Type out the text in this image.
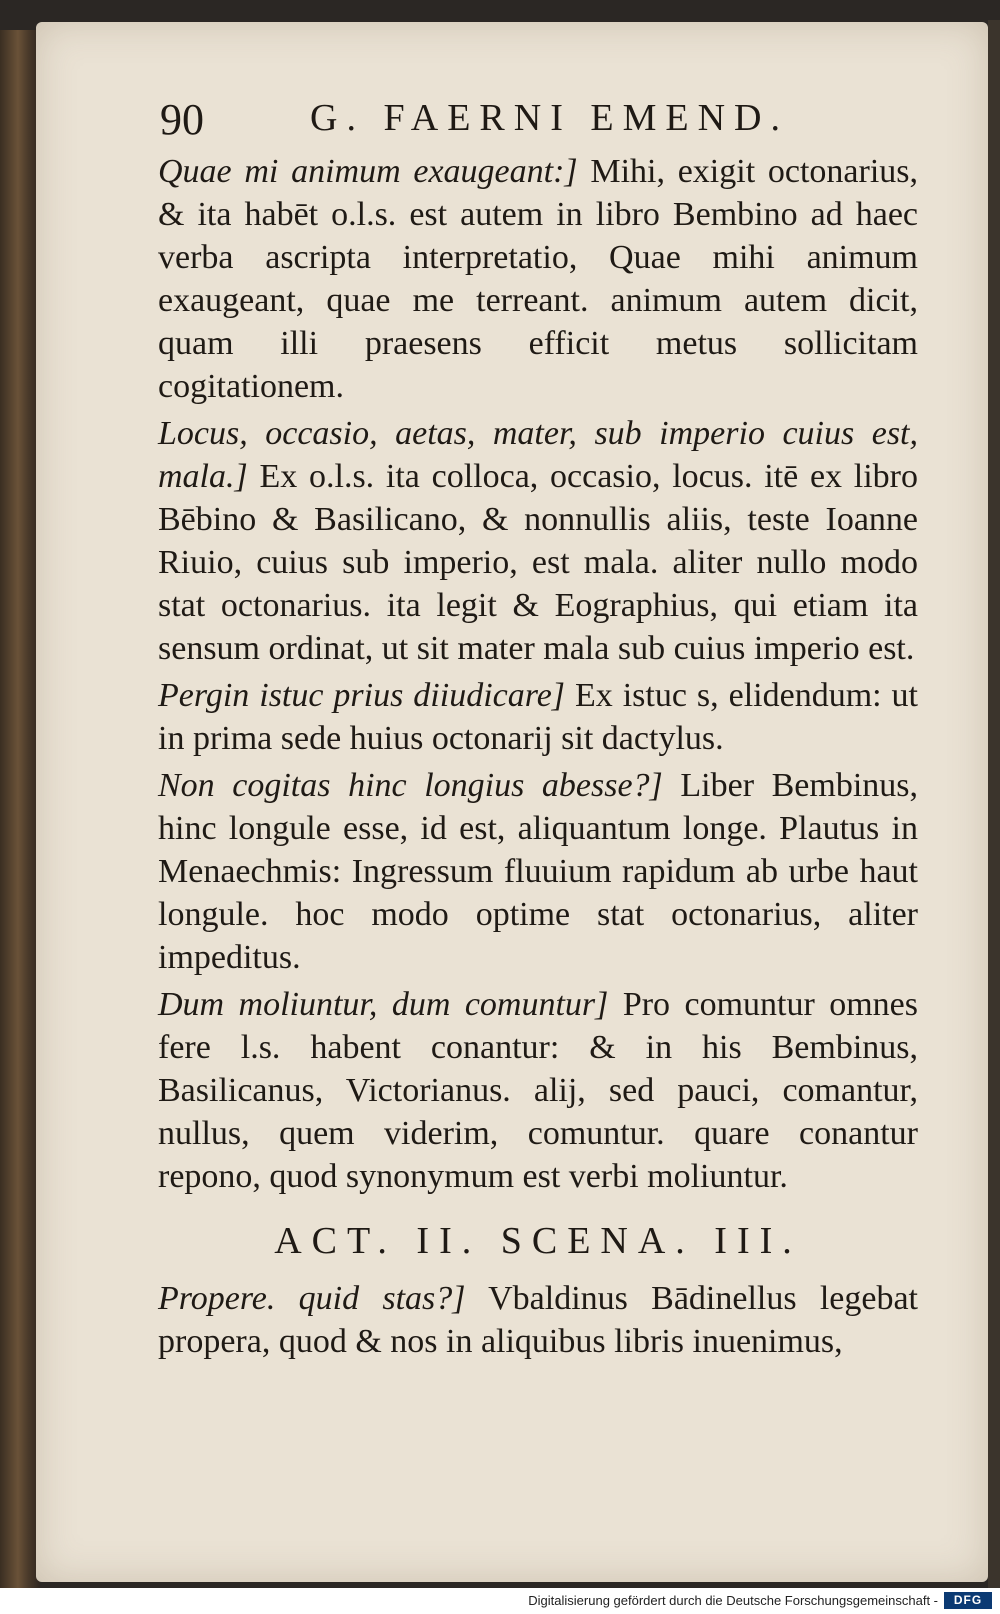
90	G. FAERNI EMEND.

Quae mi animum exaugeant:] Mihi, exigit octonarius, & ita habēt o.l.s. est autem in libro Bembino ad haec verba ascripta interpretatio, Quae mihi animum exaugeant, quae me terreant. animum autem dicit, quam illi praesens efficit metus sollicitam cogitationem.

Locus, occasio, aetas, mater, sub imperio cuius est, mala.] Ex o.l.s. ita colloca, occasio, locus. itē ex libro Bēbino & Basilicano, & nonnullis aliis, teste Ioanne Riuio, cuius sub imperio, est mala. aliter nullo modo stat octonarius. ita legit & Eographius, qui etiam ita sensum ordinat, ut sit mater mala sub cuius imperio est.

Pergin istuc prius diiudicare] Ex istuc s, elidendum: ut in prima sede huius octonarij sit dactylus.

Non cogitas hinc longius abesse?] Liber Bembinus, hinc longule esse, id est, aliquantum longe. Plautus in Menaechmis: Ingressum fluuium rapidum ab urbe haut longule. hoc modo optime stat octonarius, aliter impeditus.

Dum moliuntur, dum comuntur] Pro comuntur omnes fere l.s. habent conantur: & in his Bembinus, Basilicanus, Victorianus. alij, sed pauci, comantur, nullus, quem viderim, comuntur. quare conantur repono, quod synonymum est verbi moliuntur.

ACT. II. SCENA. III.

Propere. quid stas?] Vbaldinus Bādinellus legebat propera, quod & nos in aliquibus libris inuenimus,

Digitalisierung gefördert durch die Deutsche Forschungsgemeinschaft -	DFG
